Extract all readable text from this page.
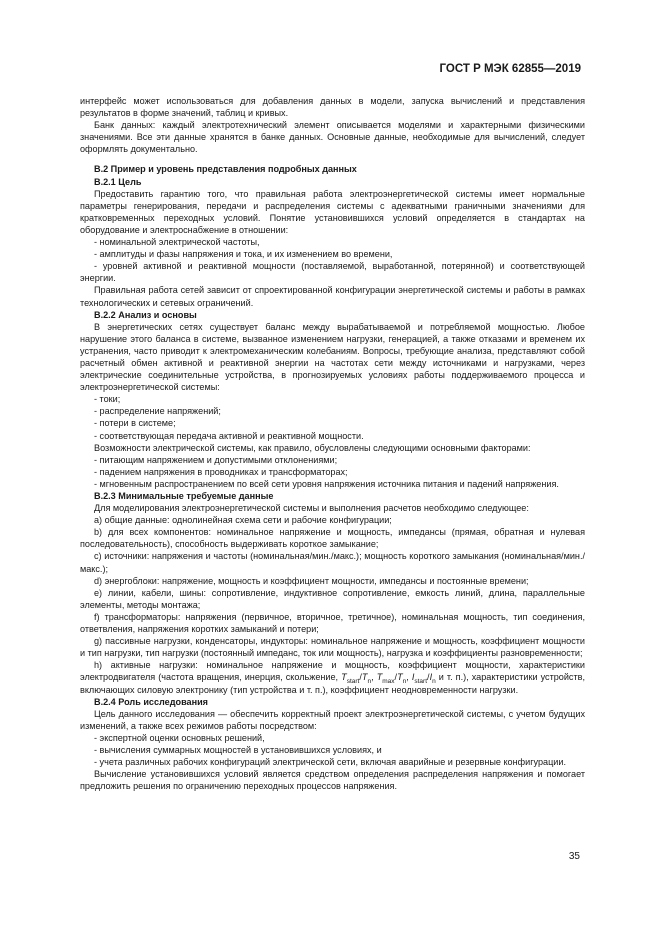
ГОСТ Р МЭК 62855—2019

интерфейс может использоваться для добавления данных в модели, запуска вычислений и представления результатов в форме значений, таблиц и кривых.

Банк данных: каждый электротехнический элемент описывается моделями и характерными физическими значениями. Все эти данные хранятся в банке данных. Основные данные, необходимые для вычислений, следует оформлять документально.

B.2 Пример и уровень представления подробных данных

B.2.1 Цель

Предоставить гарантию того, что правильная работа электроэнергетической системы имеет нормальные параметры генерирования, передачи и распределения системы с адекватными граничными значениями для кратковременных переходных условий. Понятие установившихся условий определяется в стандартах на оборудование и электроснабжение в отношении:

- номинальной электрической частоты,

- амплитуды и фазы напряжения и тока, и их изменением во времени,

- уровней активной и реактивной мощности (поставляемой, выработанной, потерянной) и соответствующей энергии.

Правильная работа сетей зависит от спроектированной конфигурации энергетической системы и работы в рамках технологических и сетевых ограничений.

B.2.2 Анализ и основы

В энергетических сетях существует баланс между вырабатываемой и потребляемой мощностью. Любое нарушение этого баланса в системе, вызванное изменением нагрузки, генерацией, а также отказами и временем их устранения, часто приводит к электромеханическим колебаниям. Вопросы, требующие анализа, представляют собой расчетный обмен активной и реактивной энергии на частотах сети между источниками и нагрузками, через электрические соединительные устройства, в прогнозируемых условиях работы поддерживаемого процесса и электроэнергетической системы:

- токи;

- распределение напряжений;

- потери в системе;

- соответствующая передача активной и реактивной мощности.

Возможности электрической системы, как правило, обусловлены следующими основными факторами:

- питающим напряжением и допустимыми отклонениями;

- падением напряжения в проводниках и трансформаторах;

- мгновенным распространением по всей сети уровня напряжения источника питания и падений напряжения.

B.2.3 Минимальные требуемые данные

Для моделирования электроэнергетической системы и выполнения расчетов необходимо следующее:

a) общие данные: однолинейная схема сети и рабочие конфигурации;

b) для всех компонентов: номинальное напряжение и мощность, импедансы (прямая, обратная и нулевая последовательность), способность выдерживать короткое замыкание;

c) источники: напряжения и частоты (номинальная/мин./макс.); мощность короткого замыкания (номинальная/мин./макс.);

d) энергоблоки: напряжение, мощность и коэффициент мощности, импедансы и постоянные времени;

e) линии, кабели, шины: сопротивление, индуктивное сопротивление, емкость линий, длина, параллельные элементы, методы монтажа;

f) трансформаторы: напряжения (первичное, вторичное, третичное), номинальная мощность, тип соединения, ответвления, напряжения коротких замыканий и потери;

g) пассивные нагрузки, конденсаторы, индукторы: номинальное напряжение и мощность, коэффициент мощности и тип нагрузки, тип нагрузки (постоянный импеданс, ток или мощность), нагрузка и коэффициенты разновременности;

h) активные нагрузки: номинальное напряжение и мощность, коэффициент мощности, характеристики электродвигателя (частота вращения, инерция, скольжение, $T_{start}/T_n$, $T_{max}/T_n$, $I_{start}/I_n$ и т. п.), характеристики устройств, включающих силовую электронику (тип устройства и т. п.), коэффициент неодновременности нагрузки.

B.2.4 Роль исследования

Цель данного исследования — обеспечить корректный проект электроэнергетической системы, с учетом будущих изменений, а также всех режимов работы посредством:

- экспертной оценки основных решений,

- вычисления суммарных мощностей в установившихся условиях, и

- учета различных рабочих конфигураций электрической сети, включая аварийные и резервные конфигурации.

Вычисление установившихся условий является средством определения распределения напряжения и помогает предложить решения по ограничению переходных процессов напряжения.

35
